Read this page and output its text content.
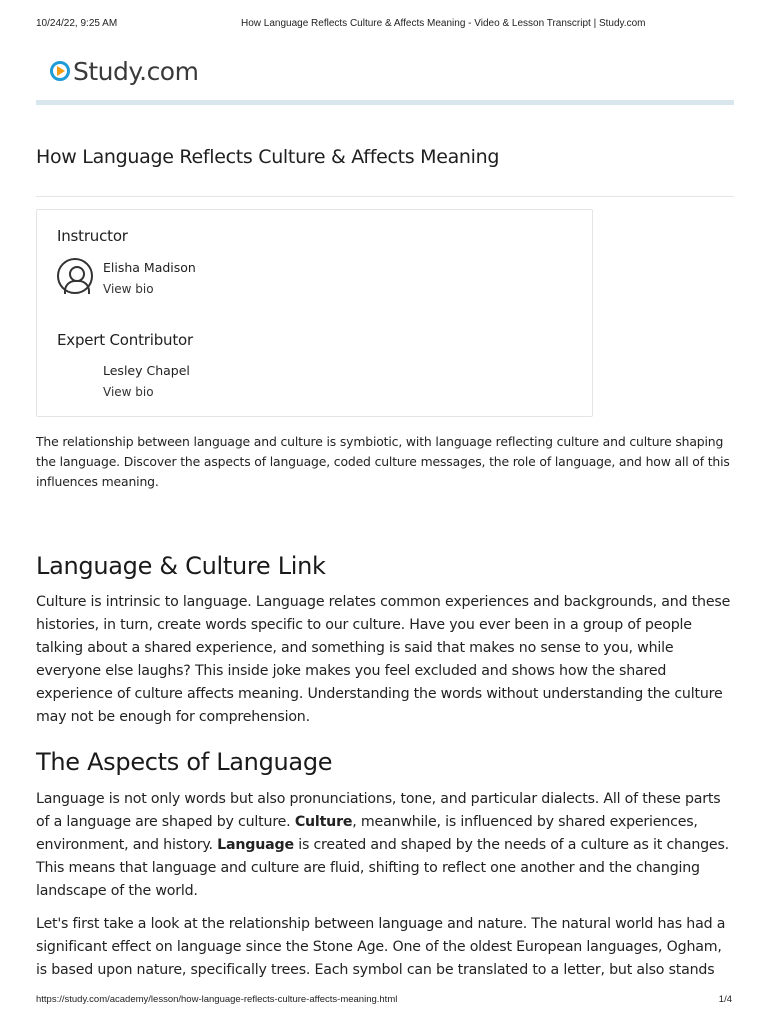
10/24/22, 9:25 AM	How Language Reflects Culture & Affects Meaning - Video & Lesson Transcript | Study.com
Study.com
How Language Reflects Culture & Affects Meaning
Instructor
Elisha Madison
View bio
Expert Contributor
Lesley Chapel
View bio

The relationship between language and culture is symbiotic, with language reflecting culture and culture shaping the language. Discover the aspects of language, coded culture messages, the role of language, and how all of this influences meaning.

Language & Culture Link

Culture is intrinsic to language. Language relates common experiences and backgrounds, and these histories, in turn, create words specific to our culture. Have you ever been in a group of people talking about a shared experience, and something is said that makes no sense to you, while everyone else laughs? This inside joke makes you feel excluded and shows how the shared experience of culture affects meaning. Understanding the words without understanding the culture may not be enough for comprehension.

The Aspects of Language

Language is not only words but also pronunciations, tone, and particular dialects. All of these parts of a language are shaped by culture. Culture, meanwhile, is influenced by shared experiences, environment, and history. Language is created and shaped by the needs of a culture as it changes. This means that language and culture are fluid, shifting to reflect one another and the changing landscape of the world.

Let's first take a look at the relationship between language and nature. The natural world has had a significant effect on language since the Stone Age. One of the oldest European languages, Ogham, is based upon nature, specifically trees. Each symbol can be translated to a letter, but also stands

https://study.com/academy/lesson/how-language-reflects-culture-affects-meaning.html	1/4
